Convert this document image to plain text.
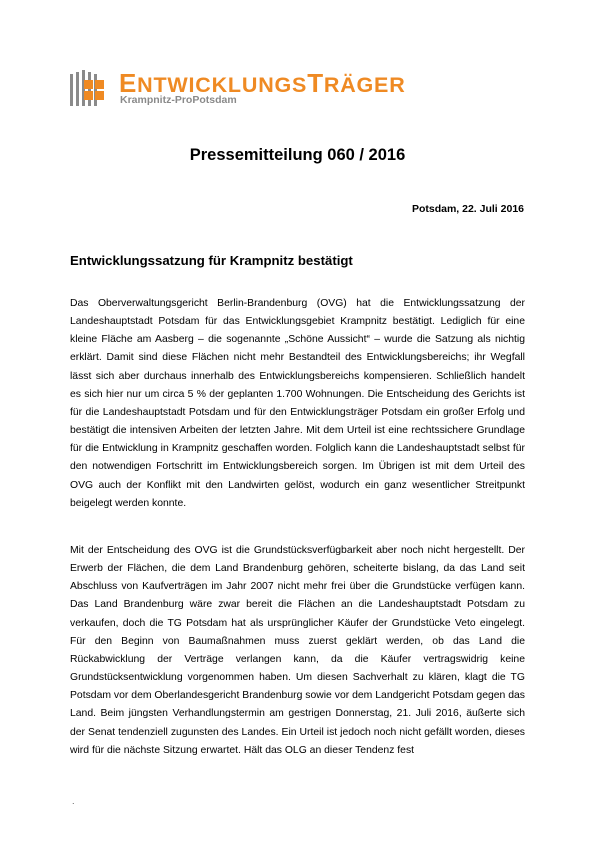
ENTWICKLUNGSTRÄGER
Krampnitz-ProPotsdam
Pressemitteilung 060 / 2016
Potsdam, 22. Juli 2016
Entwicklungssatzung für Krampnitz bestätigt

Das Oberverwaltungsgericht Berlin-Brandenburg (OVG) hat die Entwicklungssatzung der Landeshauptstadt Potsdam für das Entwicklungsgebiet Krampnitz bestätigt. Lediglich für eine kleine Fläche am Aasberg – die sogenannte „Schöne Aussicht“ – wurde die Satzung als nichtig erklärt. Damit sind diese Flächen nicht mehr Bestandteil des Entwicklungsbereichs; ihr Wegfall lässt sich aber durchaus innerhalb des Entwicklungsbereichs kompensieren. Schließlich handelt es sich hier nur um circa 5 % der geplanten 1.700 Wohnungen. Die Entscheidung des Gerichts ist für die Landeshauptstadt Potsdam und für den Entwicklungsträger Potsdam ein großer Erfolg und bestätigt die intensiven Arbeiten der letzten Jahre. Mit dem Urteil ist eine rechtssichere Grundlage für die Entwicklung in Krampnitz geschaffen worden. Folglich kann die Landeshauptstadt selbst für den notwendigen Fortschritt im Entwicklungsbereich sorgen. Im Übrigen ist mit dem Urteil des OVG auch der Konflikt mit den Landwirten gelöst, wodurch ein ganz wesentlicher Streitpunkt beigelegt werden konnte.

Mit der Entscheidung des OVG ist die Grundstücksverfügbarkeit aber noch nicht hergestellt. Der Erwerb der Flächen, die dem Land Brandenburg gehören, scheiterte bislang, da das Land seit Abschluss von Kaufverträgen im Jahr 2007 nicht mehr frei über die Grundstücke verfügen kann. Das Land Brandenburg wäre zwar bereit die Flächen an die Landeshauptstadt Potsdam zu verkaufen, doch die TG Potsdam hat als ursprünglicher Käufer der Grundstücke Veto eingelegt. Für den Beginn von Baumaßnahmen muss zuerst geklärt werden, ob das Land die Rückabwicklung der Verträge verlangen kann, da die Käufer vertragswidrig keine Grundstücksentwicklung vorgenommen haben. Um diesen Sachverhalt zu klären, klagt die TG Potsdam vor dem Oberlandesgericht Brandenburg sowie vor dem Landgericht Potsdam gegen das Land. Beim jüngsten Verhandlungstermin am gestrigen Donnerstag, 21. Juli 2016, äußerte sich der Senat tendenziell zugunsten des Landes. Ein Urteil ist jedoch noch nicht gefällt worden, dieses wird für die nächste Sitzung erwartet. Hält das OLG an dieser Tendenz fest

.
